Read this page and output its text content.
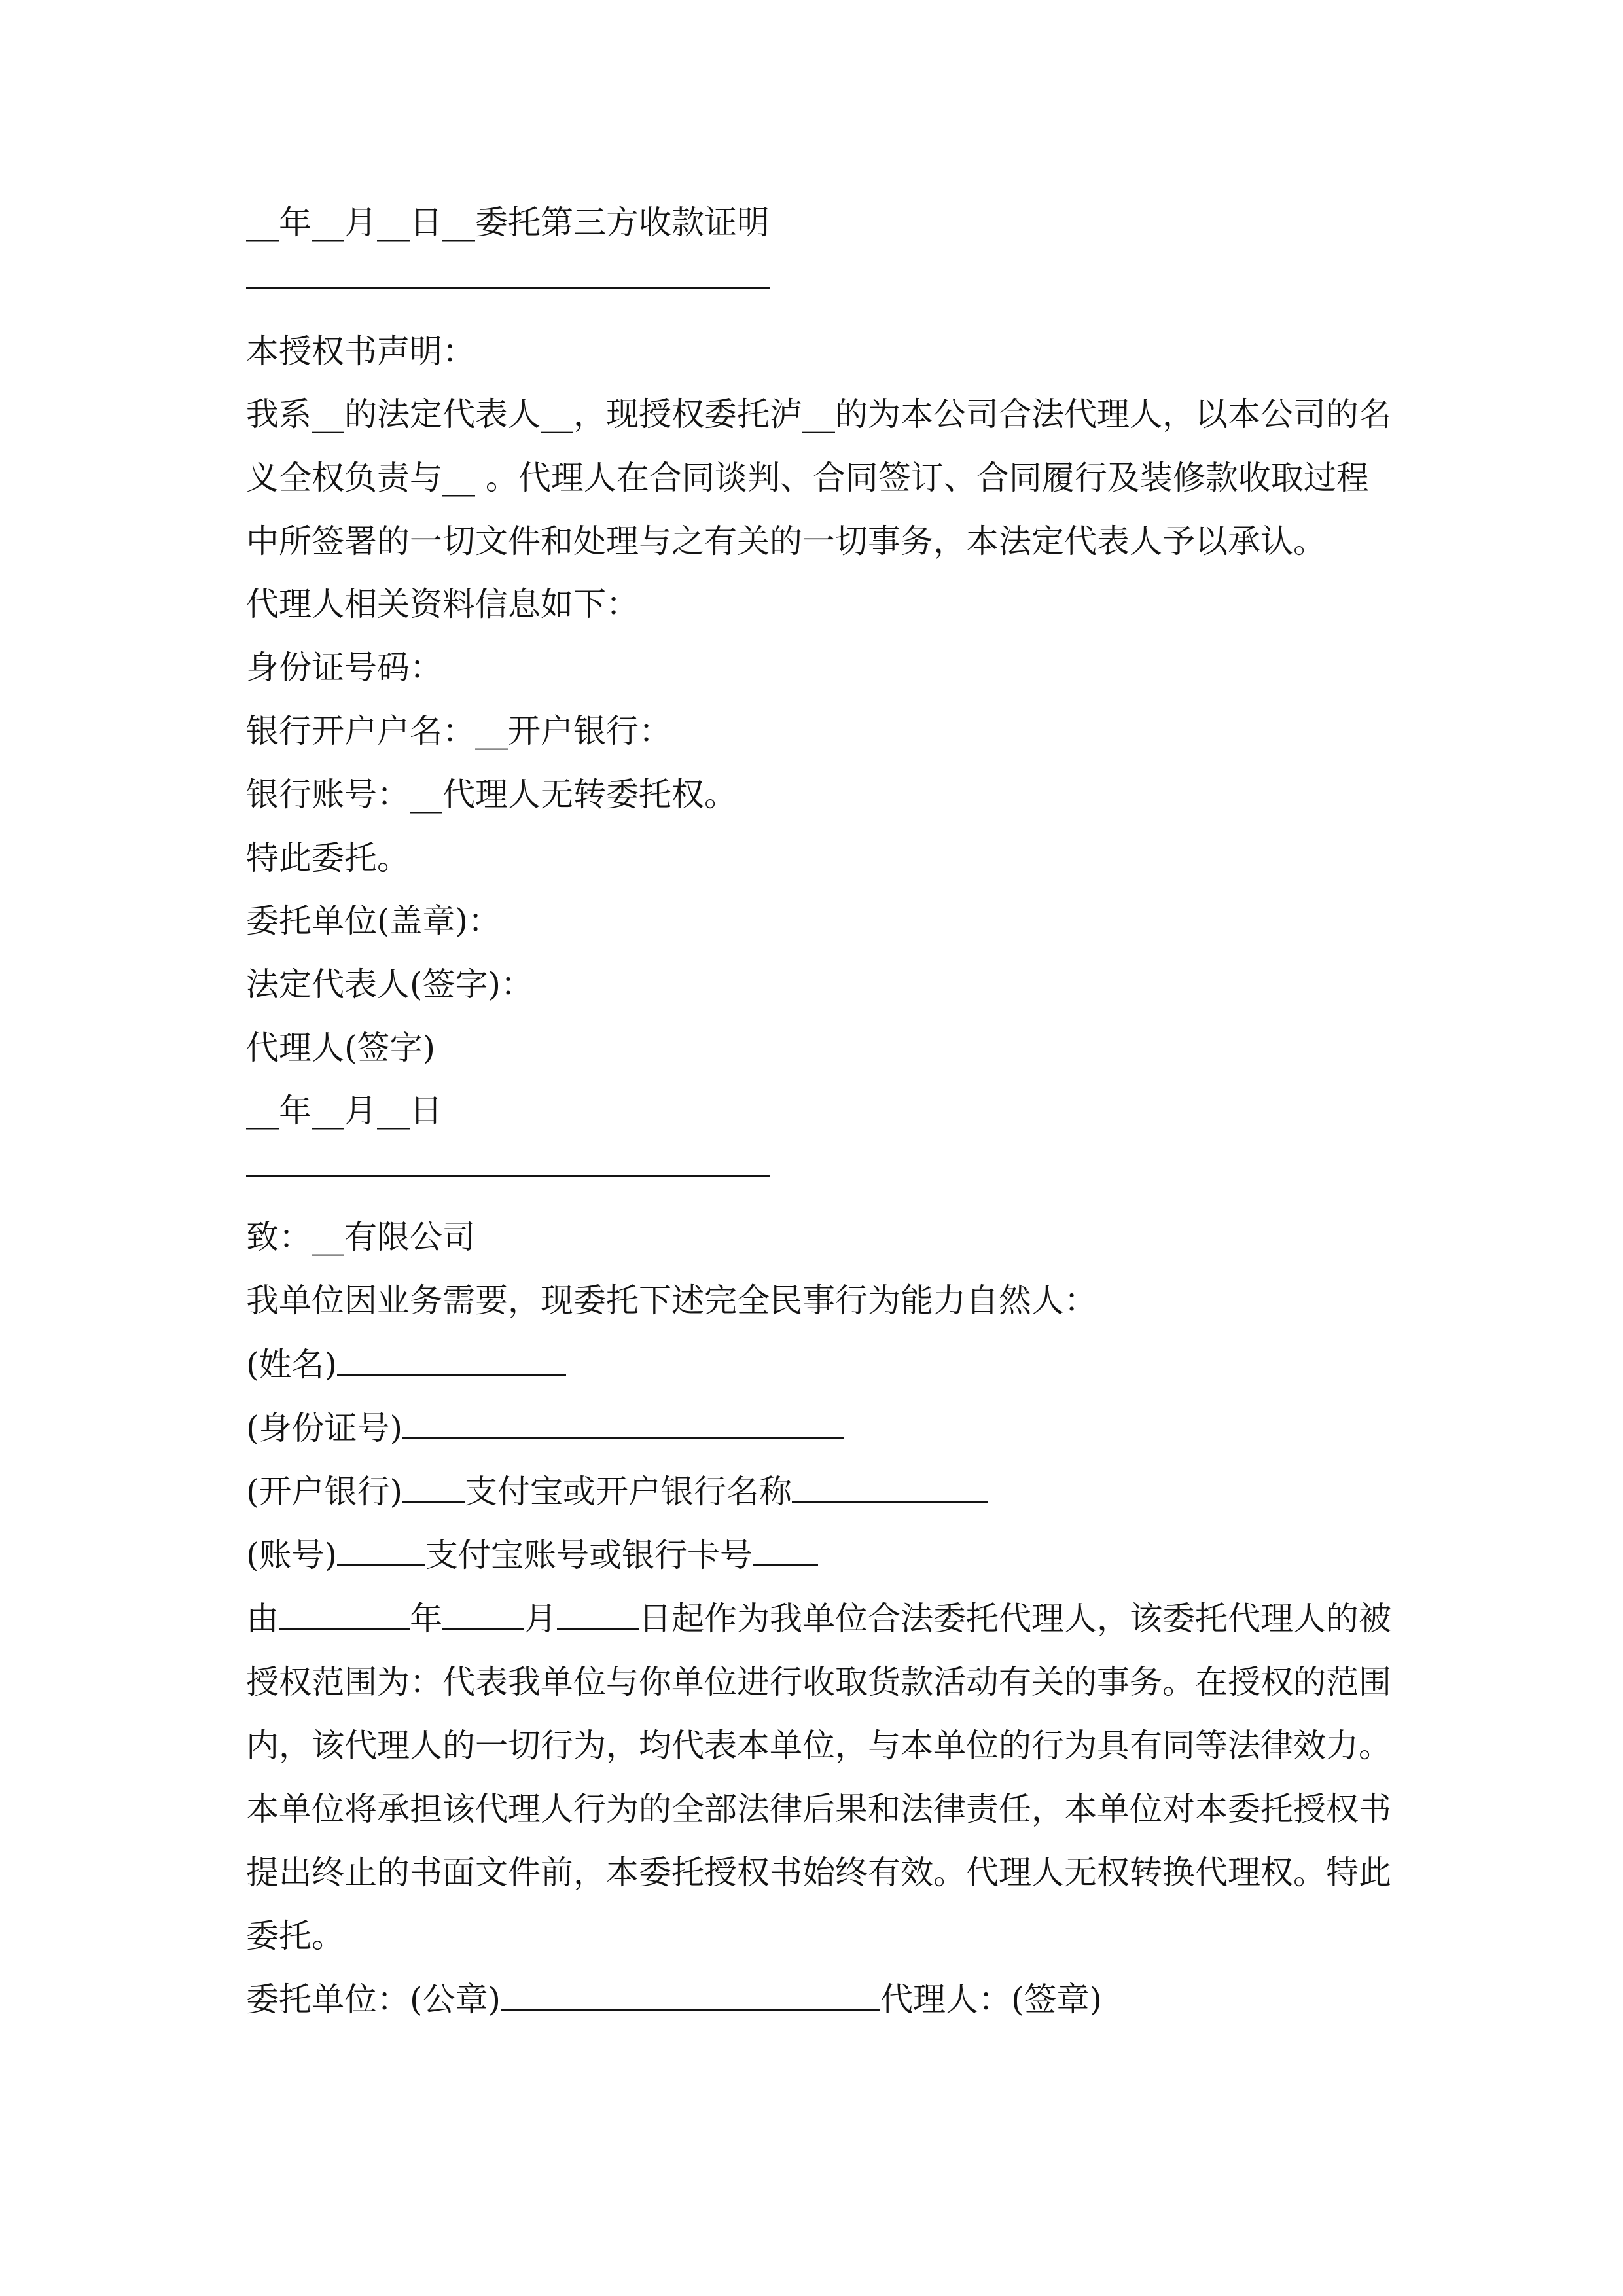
__年__月__日__委托第三方收款证明
本授权书声明：
我系__的法定代表人__，现授权委托泸__的为本公司合法代理人，以本公司的名
义全权负责与__ 。代理人在合同谈判、合同签订、合同履行及装修款收取过程
中所签署的一切文件和处理与之有关的一切事务，本法定代表人予以承认。
代理人相关资料信息如下：
身份证号码：
银行开户户名：__开户银行：
银行账号：__代理人无转委托权。
特此委托。
委托单位(盖章)：
法定代表人(签字)：
代理人(签字)
__年__月__日
致：__有限公司
我单位因业务需要，现委托下述完全民事行为能力自然人：
(姓名)
(身份证号)
(开户银行) 支付宝或开户银行名称
(账号)	支付宝账号或银行卡号
由	年	月	日起作为我单位合法委托代理人，该委托代理人的被
授权范围为：代表我单位与你单位进行收取货款活动有关的事务。在授权的范围
内，该代理人的一切行为，均代表本单位，与本单位的行为具有同等法律效力。
本单位将承担该代理人行为的全部法律后果和法律责任，本单位对本委托授权书
提出终止的书面文件前，本委托授权书始终有效。代理人无权转换代理权。特此
委托。
委托单位：(公章)	代理人：(签章)
